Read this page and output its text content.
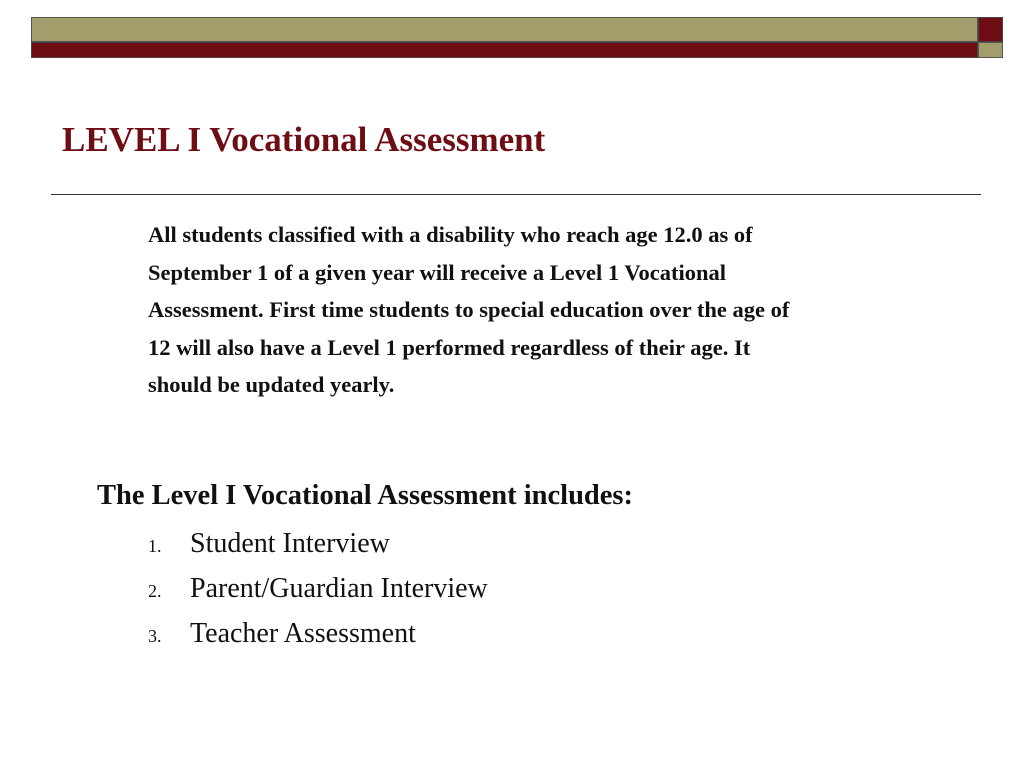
LEVEL I Vocational Assessment

All students classified with a disability who reach age 12.0 as of September 1 of a given year will receive a Level 1 Vocational Assessment. First time students to special education over the age of 12 will also have a Level 1 performed regardless of their age. It should be updated yearly.

The Level I Vocational Assessment includes:

1.	Student Interview
2.	Parent/Guardian Interview
3.	Teacher Assessment
